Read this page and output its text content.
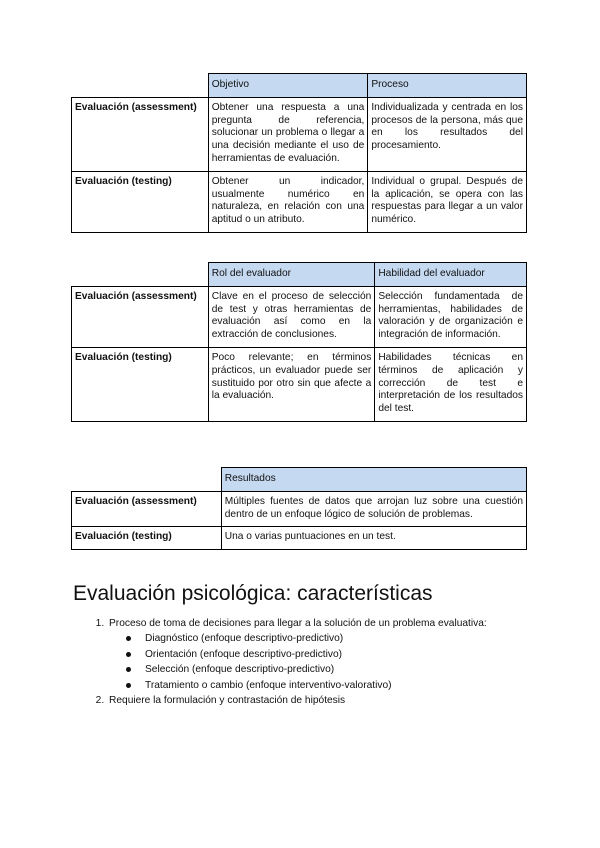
	Objetivo	Proceso
Evaluación (assessment)	Obtener una respuesta a una pregunta de referencia, solucionar un problema o llegar a una decisión mediante el uso de herramientas de evaluación.	Individualizada y centrada en los procesos de la persona, más que en los resultados del procesamiento.
Evaluación (testing)	Obtener un indicador, usualmente numérico en naturaleza, en relación con una aptitud o un atributo.	Individual o grupal. Después de la aplicación, se opera con las respuestas para llegar a un valor numérico.
	Rol del evaluador	Habilidad del evaluador
Evaluación (assessment)	Clave en el proceso de selección de test y otras herramientas de evaluación así como en la extracción de conclusiones.	Selección fundamentada de herramientas, habilidades de valoración y de organización e integración de información.
Evaluación (testing)	Poco relevante; en términos prácticos, un evaluador puede ser sustituido por otro sin que afecte a la evaluación.	Habilidades técnicas en términos de aplicación y corrección de test e interpretación de los resultados del test.
	Resultados
Evaluación (assessment)	Múltiples fuentes de datos que arrojan luz sobre una cuestión dentro de un enfoque lógico de solución de problemas.
Evaluación (testing)	Una o varias puntuaciones en un test.
Evaluación psicológica: características
1. Proceso de toma de decisiones para llegar a la solución de un problema evaluativa:
Diagnóstico (enfoque descriptivo-predictivo)
Orientación (enfoque descriptivo-predictivo)
Selección (enfoque descriptivo-predictivo)
Tratamiento o cambio (enfoque interventivo-valorativo)
2. Requiere la formulación y contrastación de hipótesis
